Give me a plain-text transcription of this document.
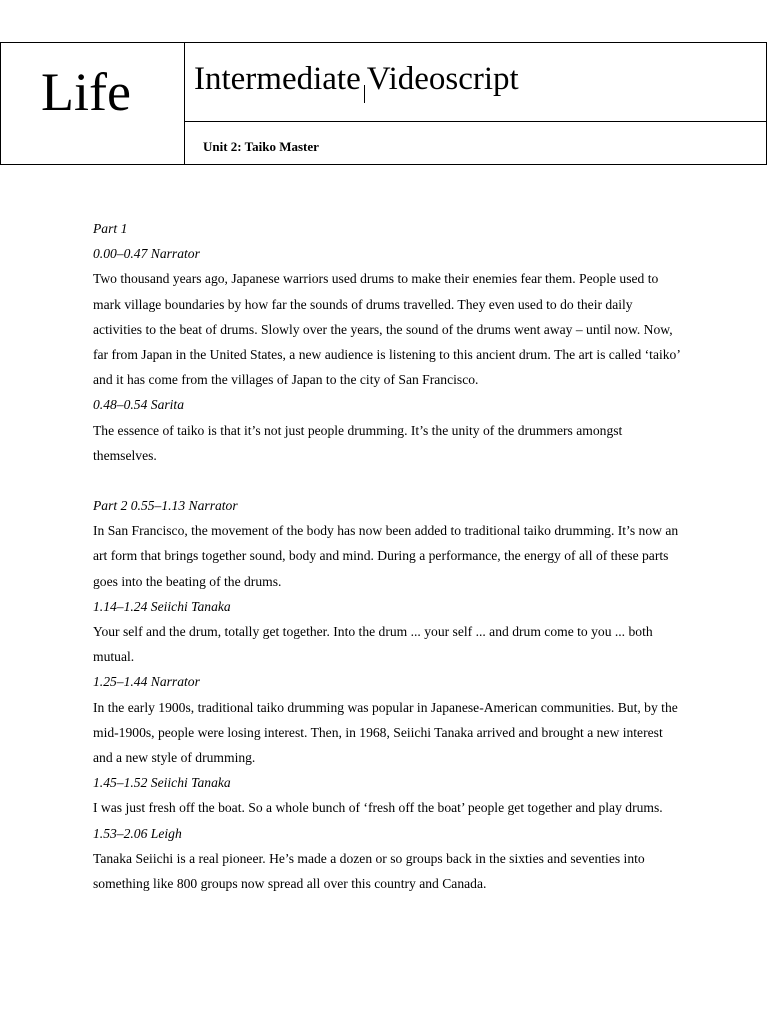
Life Intermediate Videoscript
Unit 2: Taiko Master

Part 1

0.00–0.47 Narrator

Two thousand years ago, Japanese warriors used drums to make their enemies fear them. People used to mark village boundaries by how far the sounds of drums travelled. They even used to do their daily activities to the beat of drums. Slowly over the years, the sound of the drums went away – until now. Now, far from Japan in the United States, a new audience is listening to this ancient drum. The art is called ‘taiko’ and it has come from the villages of Japan to the city of San Francisco.

0.48–0.54 Sarita

The essence of taiko is that it’s not just people drumming. It’s the unity of the drummers amongst themselves.

Part 2 0.55–1.13 Narrator

In San Francisco, the movement of the body has now been added to traditional taiko drumming. It’s now an art form that brings together sound, body and mind. During a performance, the energy of all of these parts goes into the beating of the drums.

1.14–1.24 Seiichi Tanaka

Your self and the drum, totally get together. Into the drum ... your self ... and drum come to you ... both mutual.

1.25–1.44 Narrator

In the early 1900s, traditional taiko drumming was popular in Japanese-American communities. But, by the mid-1900s, people were losing interest. Then, in 1968, Seiichi Tanaka arrived and brought a new interest and a new style of drumming.

1.45–1.52 Seiichi Tanaka

I was just fresh off the boat. So a whole bunch of ‘fresh off the boat’ people get together and play drums.

1.53–2.06 Leigh

Tanaka Seiichi is a real pioneer. He’s made a dozen or so groups back in the sixties and seventies into something like 800 groups now spread all over this country and Canada.
